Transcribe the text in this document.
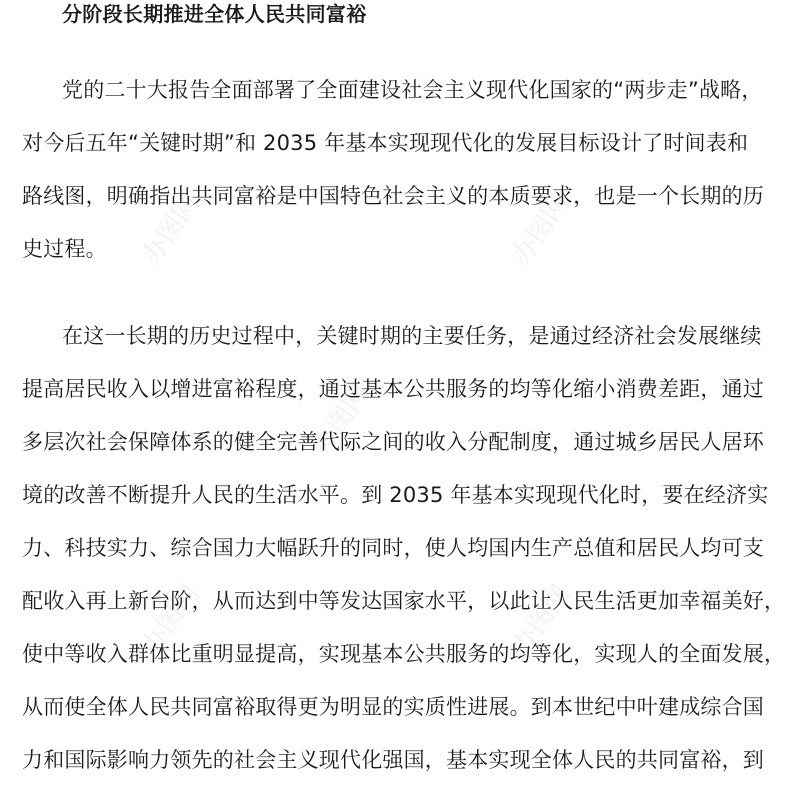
分阶段长期推进全体人民共同富裕

党的二十大报告全面部署了全面建设社会主义现代化国家的“两步走”战略，

对今后五年“关键时期”和 2035 年基本实现现代化的发展目标设计了时间表和

路线图，明确指出共同富裕是中国特色社会主义的本质要求，也是一个长期的历

史过程。

在这一长期的历史过程中，关键时期的主要任务，是通过经济社会发展继续

提高居民收入以增进富裕程度，通过基本公共服务的均等化缩小消费差距，通过

多层次社会保障体系的健全完善代际之间的收入分配制度，通过城乡居民人居环

境的改善不断提升人民的生活水平。到 2035 年基本实现现代化时，要在经济实

力、科技实力、综合国力大幅跃升的同时，使人均国内生产总值和居民人均可支

配收入再上新台阶，从而达到中等发达国家水平，以此让人民生活更加幸福美好，

使中等收入群体比重明显提高，实现基本公共服务的均等化，实现人的全面发展，

从而使全体人民共同富裕取得更为明显的实质性进展。到本世纪中叶建成综合国

力和国际影响力领先的社会主义现代化强国，基本实现全体人民的共同富裕，到

办图网	办图网
办图网
办图网	办图网
